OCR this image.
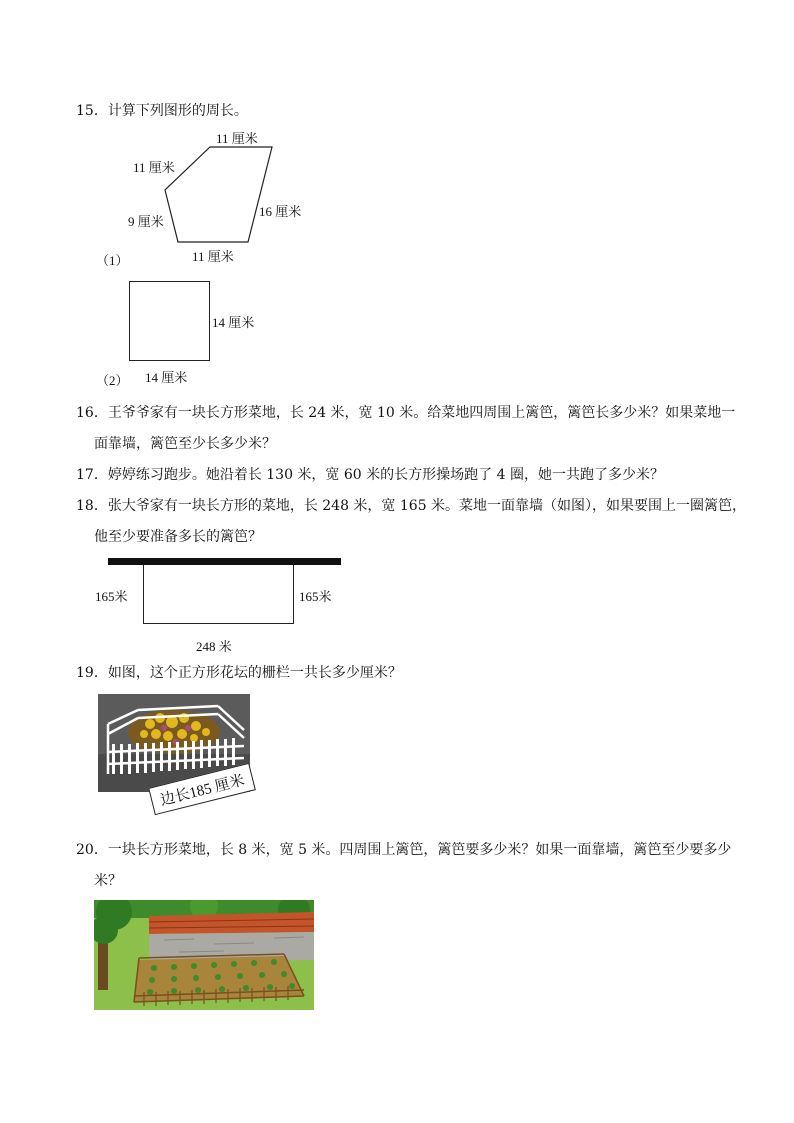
15．计算下列图形的周长。
11 厘米
11 厘米
9 厘米
16 厘米
11 厘米
（1）
14 厘米
14 厘米
（2）
16．王爷爷家有一块长方形菜地，长 24 米，宽 10 米。给菜地四周围上篱笆，篱笆长多少米？如果菜地一
面靠墙，篱笆至少长多少米？
17．婷婷练习跑步。她沿着长 130 米，宽 60 米的长方形操场跑了 4 圈，她一共跑了多少米？
18．张大爷家有一块长方形的菜地，长 248 米，宽 165 米。菜地一面靠墙（如图），如果要围上一圈篱笆，
他至少要准备多长的篱笆？
165米	165米
248 米
19．如图，这个正方形花坛的栅栏一共长多少厘米？
边长185 厘米
20．一块长方形菜地，长 8 米，宽 5 米。四周围上篱笆，篱笆要多少米？如果一面靠墙，篱笆至少要多少
米？
